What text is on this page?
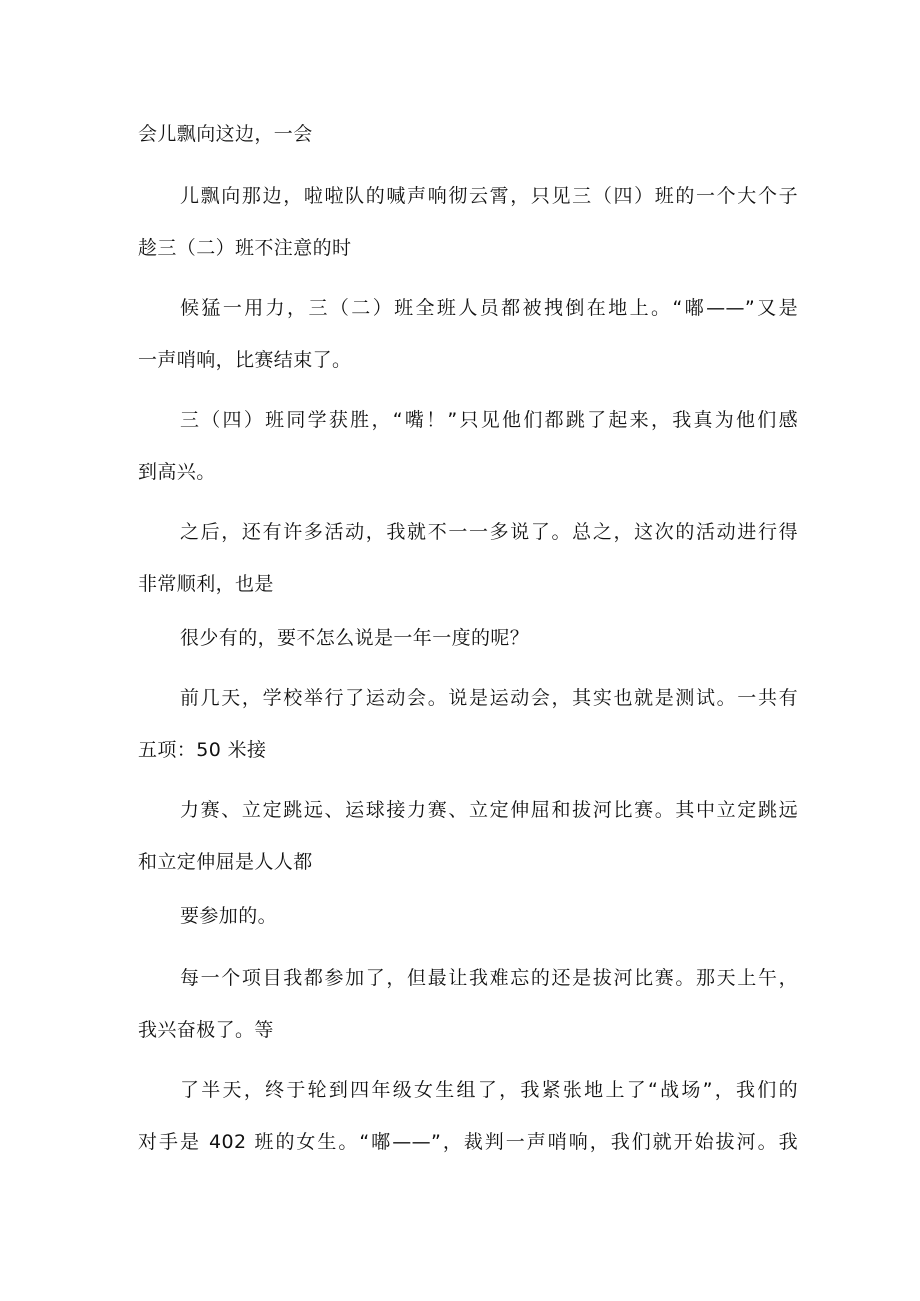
会儿飘向这边，一会

儿飘向那边，啦啦队的喊声响彻云霄，只见三（四）班的一个大个子
趁三（二）班不注意的时
候猛一用力，三（二）班全班人员都被拽倒在地上。“嘟——”又是
一声哨响，比赛结束了。
三（四）班同学获胜，“嘴！”只见他们都跳了起来，我真为他们感
到高兴。
之后，还有许多活动，我就不一一多说了。总之，这次的活动进行得
非常顺利，也是
很少有的，要不怎么说是一年一度的呢？
前几天，学校举行了运动会。说是运动会，其实也就是测试。一共有
五项：50 米接
力赛、立定跳远、运球接力赛、立定伸屈和拔河比赛。其中立定跳远
和立定伸屈是人人都
要参加的。
每一个项目我都参加了，但最让我难忘的还是拔河比赛。那天上午，
我兴奋极了。等
了半天，终于轮到四年级女生组了，我紧张地上了“战场”，我们的
对手是 402 班的女生。“嘟——”，裁判一声哨响，我们就开始拔河。我
